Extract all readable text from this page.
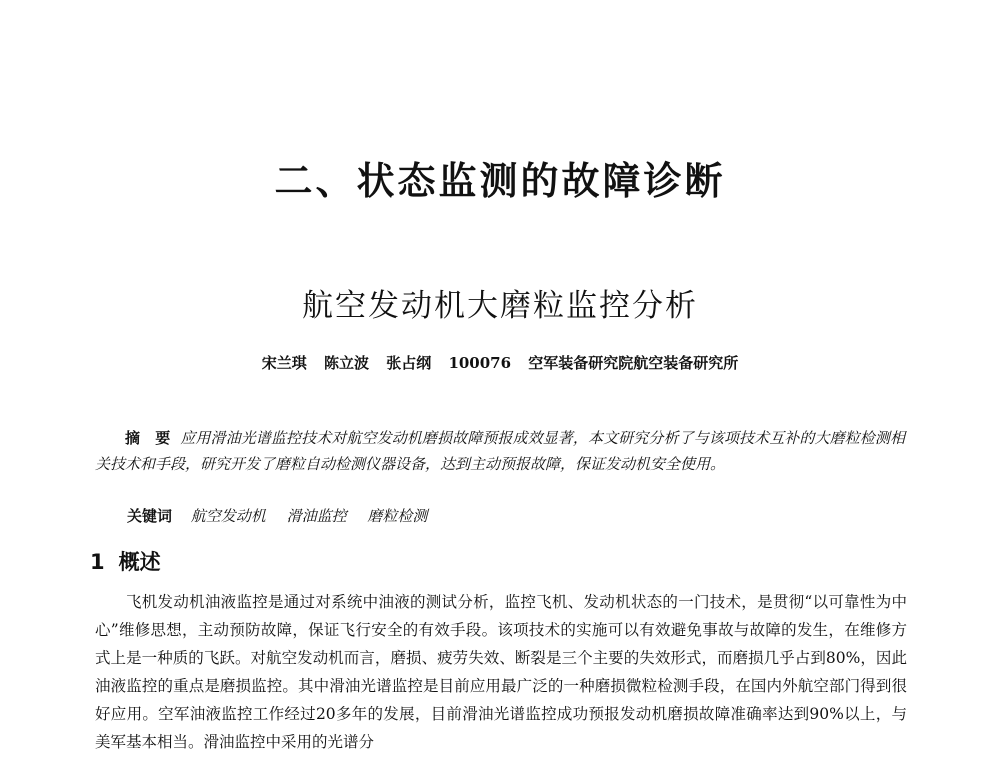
二、状态监测的故障诊断
航空发动机大磨粒监控分析
宋兰琪 陈立波 张占纲 100076 空军装备研究院航空装备研究所
摘　要 应用滑油光谱监控技术对航空发动机磨损故障预报成效显著，本文研究分析了与该项技术互补的大磨粒检测相关技术和手段，研究开发了磨粒自动检测仪器设备，达到主动预报故障，保证发动机安全使用。
关键词 航空发动机 滑油监控 磨粒检测
1 概述
飞机发动机油液监控是通过对系统中油液的测试分析，监控飞机、发动机状态的一门技术，是贯彻“以可靠性为中心”维修思想，主动预防故障，保证飞行安全的有效手段。该项技术的实施可以有效避免事故与故障的发生，在维修方式上是一种质的飞跃。对航空发动机而言，磨损、疲劳失效、断裂是三个主要的失效形式，而磨损几乎占到80%，因此油液监控的重点是磨损监控。其中滑油光谱监控是目前应用最广泛的一种磨损微粒检测手段，在国内外航空部门得到很好应用。空军油液监控工作经过20多年的发展，目前滑油光谱监控成功预报发动机磨损故障准确率达到90%以上，与美军基本相当。滑油监控中采用的光谱分
